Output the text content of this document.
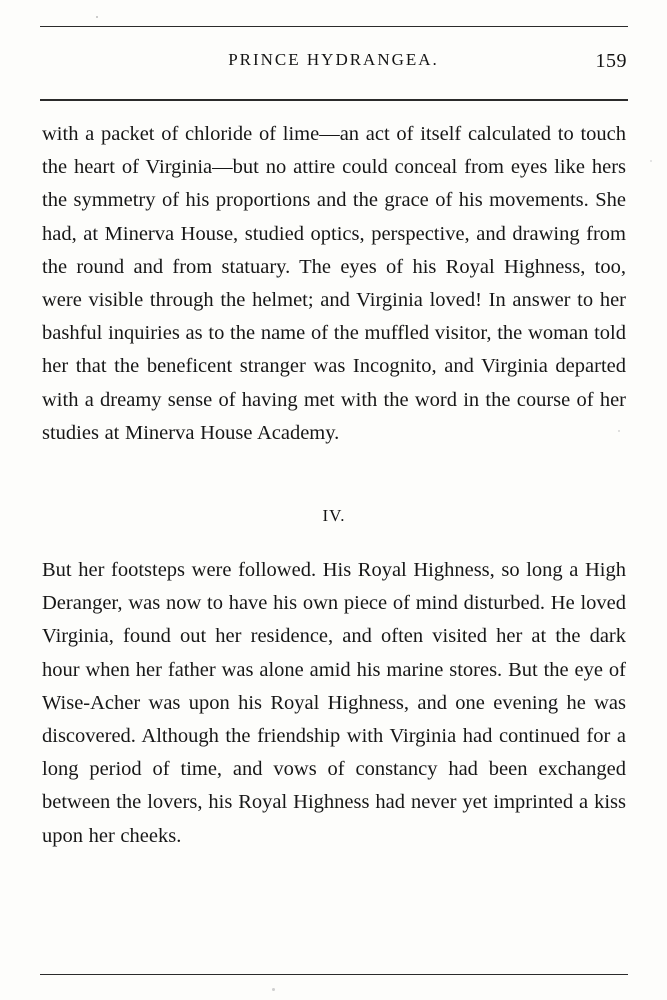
PRINCE HYDRANGEA.	159

with a packet of chloride of lime—an act of itself calculated to touch the heart of Virginia—but no attire could conceal from eyes like hers the symmetry of his proportions and the grace of his movements. She had, at Minerva House, studied optics, perspective, and drawing from the round and from statuary. The eyes of his Royal Highness, too, were visible through the helmet; and Virginia loved! In answer to her bashful inquiries as to the name of the muffled visitor, the woman told her that the beneficent stranger was Incognito, and Virginia departed with a dreamy sense of having met with the word in the course of her studies at Minerva House Academy.

IV.

But her footsteps were followed. His Royal Highness, so long a High Deranger, was now to have his own piece of mind disturbed. He loved Virginia, found out her residence, and often visited her at the dark hour when her father was alone amid his marine stores. But the eye of Wise-Acher was upon his Royal Highness, and one evening he was discovered. Although the friendship with Virginia had continued for a long period of time, and vows of constancy had been exchanged between the lovers, his Royal Highness had never yet imprinted a kiss upon her cheeks.
